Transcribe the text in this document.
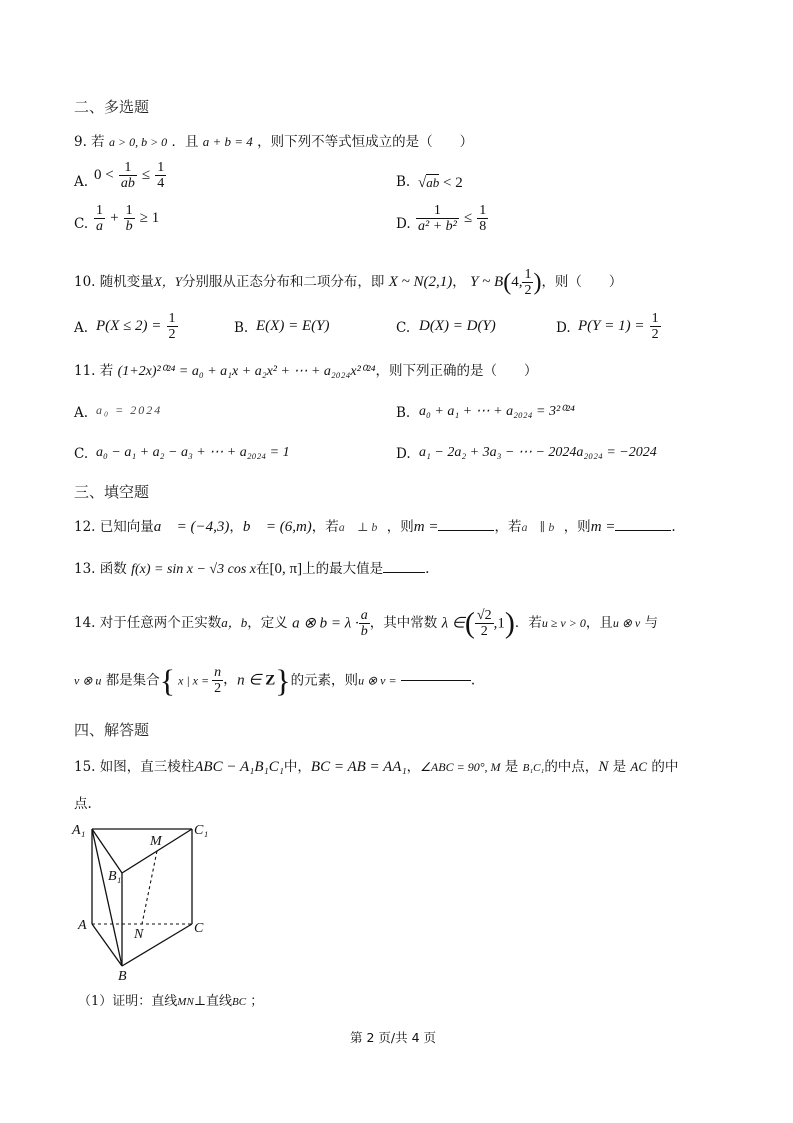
二、多选题
9. 若 a > 0, b > 0 ．且 a + b = 4 ，则下列不等式恒成立的是（　　）
A. $0 < \frac{1}{ab} \le \frac{1}{4}$	B. √ab < 2
C. $\frac{1}{a} + \frac{1}{b} \ge 1$	D. $\frac{1}{\text{a² + b²}} \le \frac{1}{8}$
10. 随机变量X，Y分别服从正态分布和二项分布，即 X ~ N(2,1)， Y ~ B(4, $\frac{1}{2}$ )，则（　　）
A. $P(X \le 2) = \frac{1}{2}$	B. E(X) = E(Y)	C. D(X) = D(Y)	D. $P(Y = 1) = \frac{1}{2}$
11. 若 (1+2x)²⁰²⁴ = a₀ + a₁x + a₂x² + ⋯ + a₂₀₂₄x²⁰²⁴，则下列正确的是（　　）
A. a₀ = 2024	B. a₀ + a₁ + ⋯ + a₂₀₂₄ = 3²⁰²⁴
C. a₀ − a₁ + a₂ − a₃ + ⋯ + a₂₀₂₄ = 1	D. a₁ − 2a₂ + 3a₃ − ⋯ − 2024a₂₀₂₄ = −2024
三、填空题
12. 已知向量a⃗ = (−4,3)，b⃗ = (6,m)，若a⃗ ⊥ b⃗，则m =	，若a⃗ ∥ b⃗，则m =	.
13. 函数 f(x) = sin x − √3 cos x在[0, π]上的最大值是	.
14. 对于任意两个正实数a，b，定义 a ⊗ $b = \lambda \cdot \frac{a}{b}$ ，其中常数 λ ∈( $\frac{√2}{2} ,1$)．若u ≥ v > 0，且u ⊗ v 与
v ⊗ u 都是集合{ x | $x = \frac{n}{2}$ ，n ∈ Z}的元素，则u ⊗ v =	.
四、解答题
15. 如图，直三棱柱ABC − A₁B₁C₁中，BC = AB = AA₁，∠ABC = 90°, M 是 B₁C₁的中点，N 是 AC 的中
点.
A₁	C₁
M
B₁
A
N	C
B
（1）证明：直线MN⊥直线BC ；
第 2 页/共 4 页
